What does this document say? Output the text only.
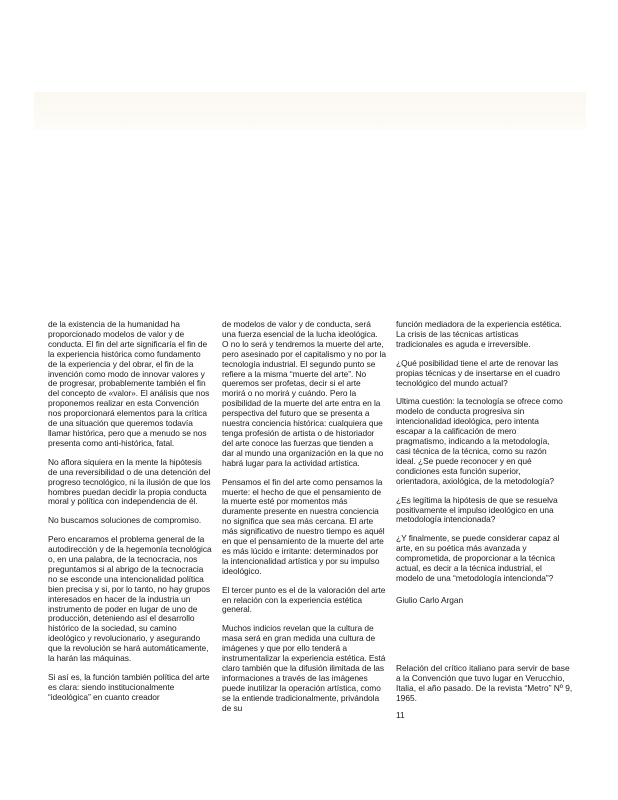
de la existencia de la humanidad ha proporcionado modelos de valor y de conducta. El fin del arte significaría el fin de la experiencia histórica como fundamento de la experiencia y del obrar, el fin de la invención como modo de innovar valores y de progresar, probablemente también el fin del concepto de «valor». El análisis que nos proponemos realizar en esta Convención nos proporcionará elementos para la crítica de una situación que queremos todavía llamar histórica, pero que a menudo se nos presenta como anti-histórica, fatal.

No aflora siquiera en la mente la hipótesis de una reversibilidad o de una detención del progreso tecnológico, ni la ilusión de que los hombres puedan decidir la propia conducta moral y política con independencia de él.

No buscamos soluciones de compromiso.

Pero encaramos el problema general de la autodirección y de la hegemonía tecnológica o, en una palabra, de la tecnocracia, nos preguntamos si al abrigo de la tecnocracia no se esconde una intencionalidad política bien precisa y si, por lo tanto, no hay grupos interesados en hacer de la industria un instrumento de poder en lugar de uno de producción, deteniendo así el desarrollo histórico de la sociedad, su camino ideológico y revolucionario, y asegurando que la revolución se hará automáticamente, la harán las máquinas.

Si así es, la función también política del arte es clara: siendo institucionalmente “ideológica” en cuanto creador

de modelos de valor y de conducta, será una fuerza esencial de la lucha ideológica. O no lo será y tendremos la muerte del arte, pero asesinado por el capitalismo y no por la tecnología industrial. El segundo punto se refiere a la misma “muerte del arte”. No queremos ser profetas, decir si el arte morirá o no morirá y cuándo. Pero la posibilidad de la muerte del arte entra en la perspectiva del futuro que se presenta a nuestra conciencia histórica: cualquiera que tenga profesión de artista o de historiador del arte conoce las fuerzas que tienden a dar al mundo una organización en la que no habrá lugar para la actividad artística.

Pensamos el fin del arte como pensamos la muerte: el hecho de que el pensamiento de la muerte esté por momentos más duramente presente en nuestra conciencia no significa que sea más cercana. El arte más significativo de nuestro tiempo es aquél en que el pensamiento de la muerte del arte es más lúcido e irritante: determinados por la intencionalidad artística y por su impulso ideológico.

El tercer punto es el de la valoración del arte en relación con la experiencia estética general.

Muchos indicios revelan que la cultura de masa será en gran medida una cultura de imágenes y que por ello tenderá a instrumentalizar la experiencia estética. Está claro también que la difusión ilimitada de las informaciones a través de las imágenes puede inutilizar la operación artística, como se la entiende tradicionalmente, privándola de su

función mediadora de la experiencia estética. La crisis de las técnicas artísticas tradicionales es aguda e irreversible.

¿Qué posibilidad tiene el arte de renovar las propias técnicas y de insertarse en el cuadro tecnológico del mundo actual?

Ultima cuestión: la tecnología se ofrece como modelo de conducta progresiva sin intencionalidad ideológica, pero intenta escapar a la calificación de mero pragmatismo, indicando a la metodología, casi técnica de la técnica, como su razón ideal. ¿Se puede reconocer y en qué condiciones esta función superior, orientadora, axiológica, de la metodología?

¿Es legítima la hipótesis de que se resuelva positivamente el impulso ideológico en una metodología intencionada?

¿Y finalmente, se puede considerar capaz al arte, en su poética más avanzada y comprometida, de proporcionar a la técnica actual, es decir a la técnica industrial, el modelo de una “metodología intencionda”?

Giulio Carlo Argan

Relación del crítico italiano para servir de base a la Convención que tuvo lugar en Verucchio, Italia, el año pasado. De la revista “Metro” Nº 9, 1965.
11
